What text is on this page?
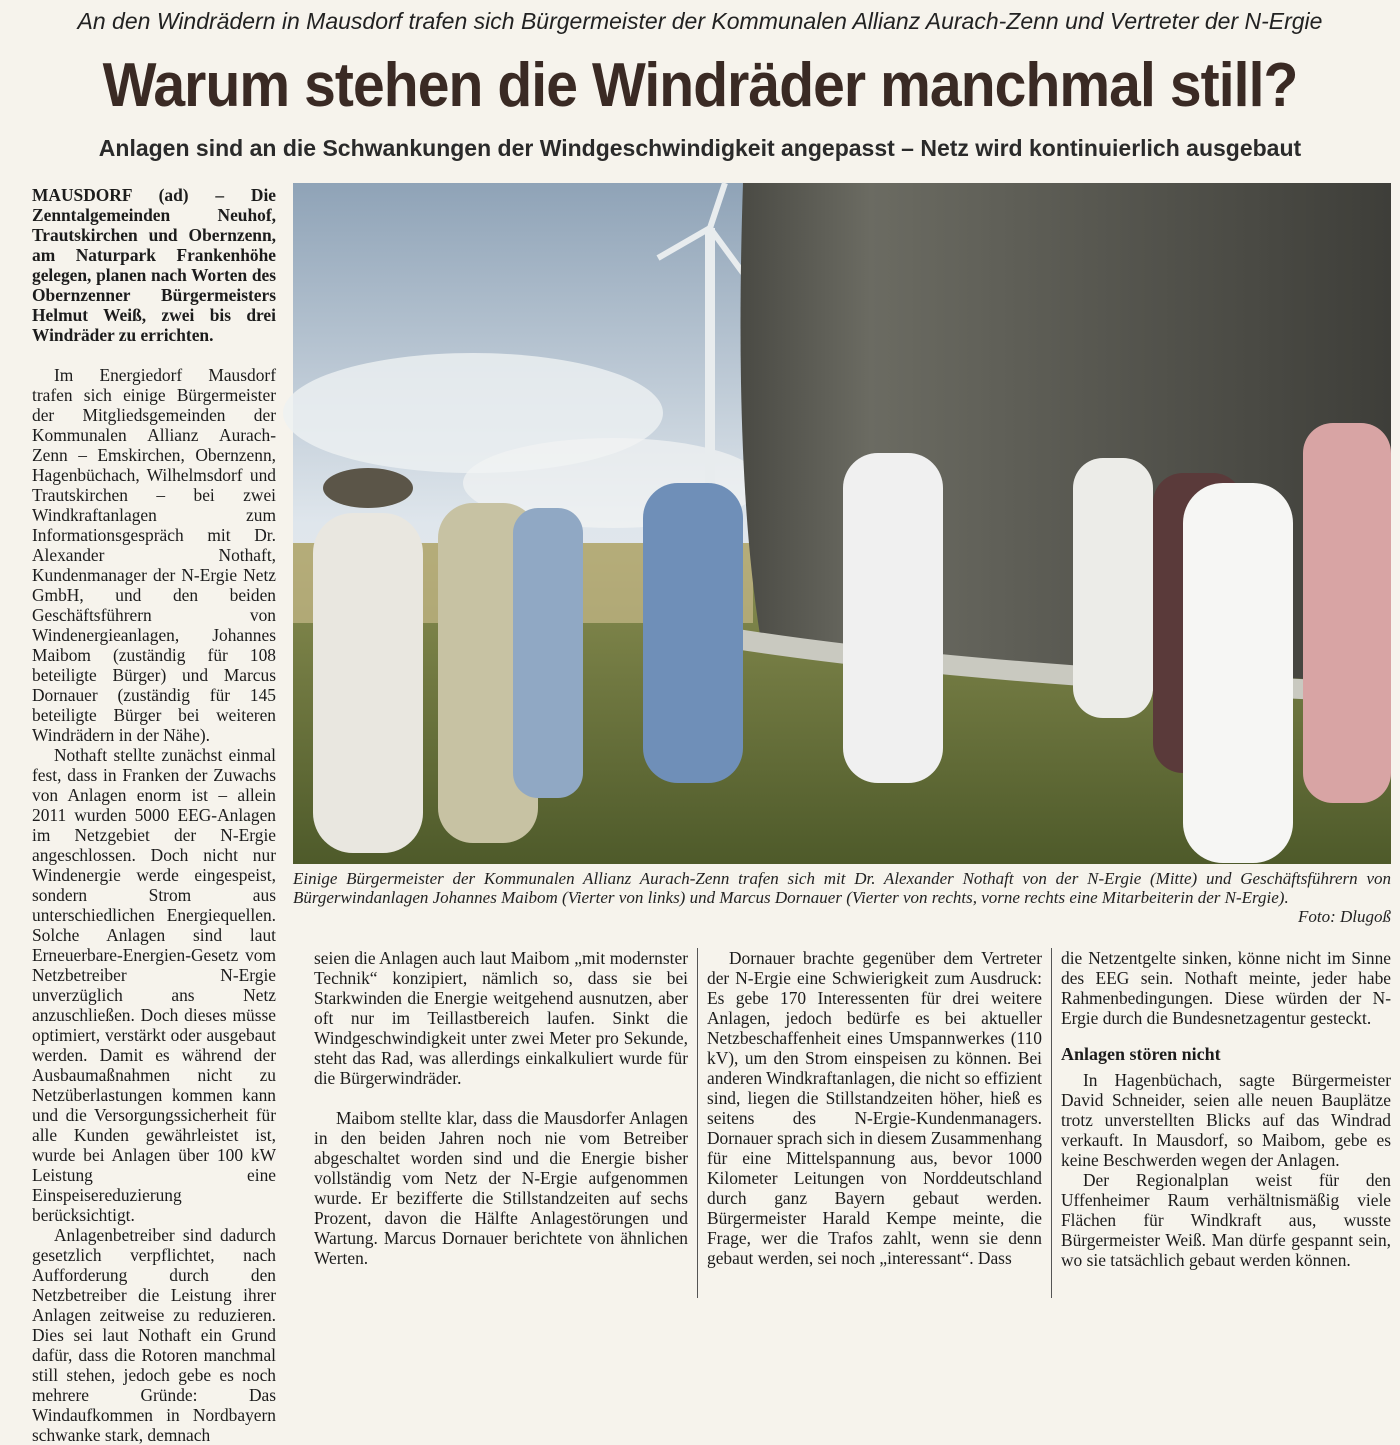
An den Windrädern in Mausdorf trafen sich Bürgermeister der Kommunalen Allianz Aurach-Zenn und Vertreter der N-Ergie
Warum stehen die Windräder manchmal still?
Anlagen sind an die Schwankungen der Windgeschwindigkeit angepasst – Netz wird kontinuierlich ausgebaut

MAUSDORF (ad) – Die Zenntalgemeinden Neuhof, Trautskirchen und Obernzenn, am Naturpark Frankenhöhe gelegen, planen nach Worten des Obernzenner Bürgermeisters Helmut Weiß, zwei bis drei Windräder zu errichten.

Im Energiedorf Mausdorf trafen sich einige Bürgermeister der Mitgliedsgemeinden der Kommunalen Allianz Aurach-Zenn – Emskirchen, Obernzenn, Hagenbüchach, Wilhelmsdorf und Trautskirchen – bei zwei Windkraftanlagen zum Informationsgespräch mit Dr. Alexander Nothaft, Kundenmanager der N-Ergie Netz GmbH, und den beiden Geschäftsführern von Windenergieanlagen, Johannes Maibom (zuständig für 108 beteiligte Bürger) und Marcus Dornauer (zuständig für 145 beteiligte Bürger bei weiteren Windrädern in der Nähe).

Nothaft stellte zunächst einmal fest, dass in Franken der Zuwachs von Anlagen enorm ist – allein 2011 wurden 5000 EEG-Anlagen im Netzgebiet der N-Ergie angeschlossen. Doch nicht nur Windenergie werde eingespeist, sondern Strom aus unterschiedlichen Energiequellen. Solche Anlagen sind laut Erneuerbare-Energien-Gesetz vom Netzbetreiber N-Ergie unverzüglich ans Netz anzuschließen. Doch dieses müsse optimiert, verstärkt oder ausgebaut werden. Damit es während der Ausbaumaßnahmen nicht zu Netzüberlastungen kommen kann und die Versorgungssicherheit für alle Kunden gewährleistet ist, wurde bei Anlagen über 100 kW Leistung eine Einspeisereduzierung berücksichtigt.

Anlagenbetreiber sind dadurch gesetzlich verpflichtet, nach Aufforderung durch den Netzbetreiber die Leistung ihrer Anlagen zeitweise zu reduzieren. Dies sei laut Nothaft ein Grund dafür, dass die Rotoren manchmal still stehen, jedoch gebe es noch mehrere Gründe: Das Windaufkommen in Nordbayern schwanke stark, demnach

Einige Bürgermeister der Kommunalen Allianz Aurach-Zenn trafen sich mit Dr. Alexander Nothaft von der N-Ergie (Mitte) und Geschäftsführern von Bürgerwindanlagen Johannes Maibom (Vierter von links) und Marcus Dornauer (Vierter von rechts, vorne rechts eine Mitarbeiterin der N-Ergie).
Foto: Dlugoß

seien die Anlagen auch laut Maibom „mit modernster Technik“ konzipiert, nämlich so, dass sie bei Starkwinden die Energie weitgehend ausnutzen, aber oft nur im Teillastbereich laufen. Sinkt die Windgeschwindigkeit unter zwei Meter pro Sekunde, steht das Rad, was allerdings einkalkuliert wurde für die Bürgerwindräder.

Maibom stellte klar, dass die Mausdorfer Anlagen in den beiden Jahren noch nie vom Betreiber abgeschaltet worden sind und die Energie bisher vollständig vom Netz der N-Ergie aufgenommen wurde. Er bezifferte die Stillstandzeiten auf sechs Prozent, davon die Hälfte Anlagestörungen und Wartung. Marcus Dornauer berichtete von ähnlichen Werten.

Dornauer brachte gegenüber dem Vertreter der N-Ergie eine Schwierigkeit zum Ausdruck: Es gebe 170 Interessenten für drei weitere Anlagen, jedoch bedürfe es bei aktueller Netzbeschaffenheit eines Umspannwerkes (110 kV), um den Strom einspeisen zu können. Bei anderen Windkraftanlagen, die nicht so effizient sind, liegen die Stillstandzeiten höher, hieß es seitens des N-Ergie-Kundenmanagers. Dornauer sprach sich in diesem Zusammenhang für eine Mittelspannung aus, bevor 1000 Kilometer Leitungen von Norddeutschland durch ganz Bayern gebaut werden. Bürgermeister Harald Kempe meinte, die Frage, wer die Trafos zahlt, wenn sie denn gebaut werden, sei noch „interessant“. Dass

die Netzentgelte sinken, könne nicht im Sinne des EEG sein. Nothaft meinte, jeder habe Rahmenbedingungen. Diese würden der N-Ergie durch die Bundesnetzagentur gesteckt.

Anlagen stören nicht

In Hagenbüchach, sagte Bürgermeister David Schneider, seien alle neuen Bauplätze trotz unverstellten Blicks auf das Windrad verkauft. In Mausdorf, so Maibom, gebe es keine Beschwerden wegen der Anlagen.

Der Regionalplan weist für den Uffenheimer Raum verhältnismäßig viele Flächen für Windkraft aus, wusste Bürgermeister Weiß. Man dürfe gespannt sein, wo sie tatsächlich gebaut werden können.
